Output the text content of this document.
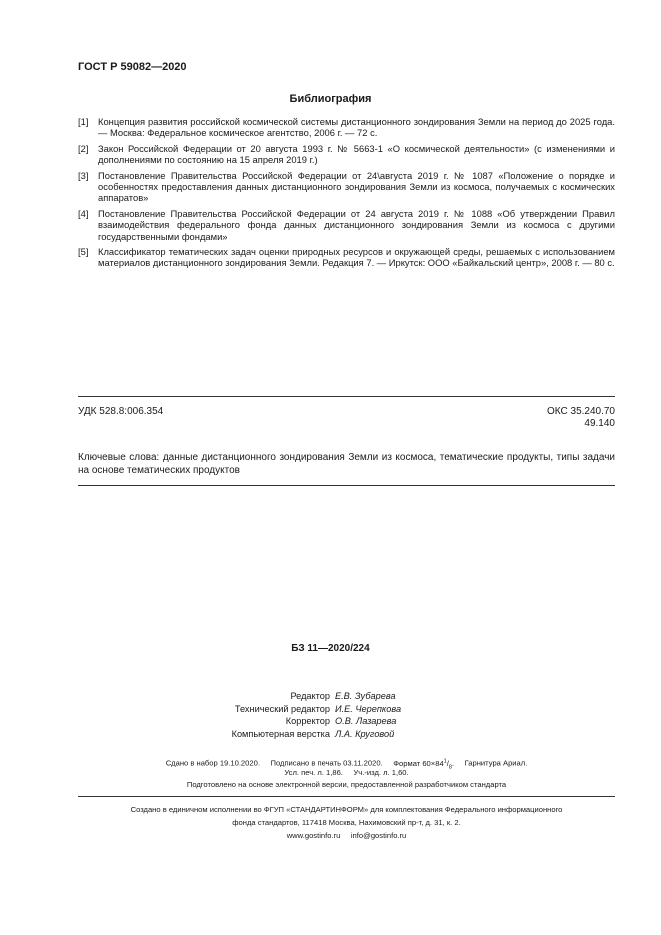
ГОСТ Р 59082—2020
Библиография
[1]	Концепция развития российской космической системы дистанционного зондирования Земли на период до 2025 года. — Москва: Федеральное космическое агентство, 2006 г. — 72 с.
[2]	Закон Российской Федерации от 20 августа 1993 г. № 5663-1 «О космической деятельности» (с изменениями и дополнениями по состоянию на 15 апреля 2019 г.)
[3]	Постановление Правительства Российской Федерации от 24\августа 2019 г. № 1087 «Положение о порядке и особенностях предоставления данных дистанционного зондирования Земли из космоса, получаемых с космических аппаратов»
[4]	Постановление Правительства Российской Федерации от 24 августа 2019 г. № 1088 «Об утверждении Правил взаимодействия федерального фонда данных дистанционного зондирования Земли из космоса с другими государственными фондами»
[5]	Классификатор тематических задач оценки природных ресурсов и окружающей среды, решаемых с использованием материалов дистанционного зондирования Земли. Редакция 7. — Иркутск: ООО «Байкальский центр», 2008 г. — 80 с.
УДК 528.8:006.354	ОКС 35.240.70
49.140
Ключевые слова: данные дистанционного зондирования Земли из космоса, тематические продукты, типы задачи на основе тематических продуктов
БЗ 11—2020/224
Редактор Е.В. Зубарева
Технический редактор И.Е. Черепкова
Корректор О.В. Лазарева
Компьютерная верстка Л.А. Круговой
Сдано в набор 19.10.2020. Подписано в печать 03.11.2020. Формат $60\times 84^1/_8$. Гарнитура Ариал.
Усл. печ. л. 1,86. Уч.-изд. л. 1,60.
Подготовлено на основе электронной версии, предоставленной разработчиком стандарта
Создано в единичном исполнении во ФГУП «СТАНДАРТИНФОРМ» для комплектования Федерального информационного
фонда стандартов, 117418 Москва, Нахимовский пр-т, д. 31, к. 2.
www.gostinfo.ru info@gostinfo.ru
